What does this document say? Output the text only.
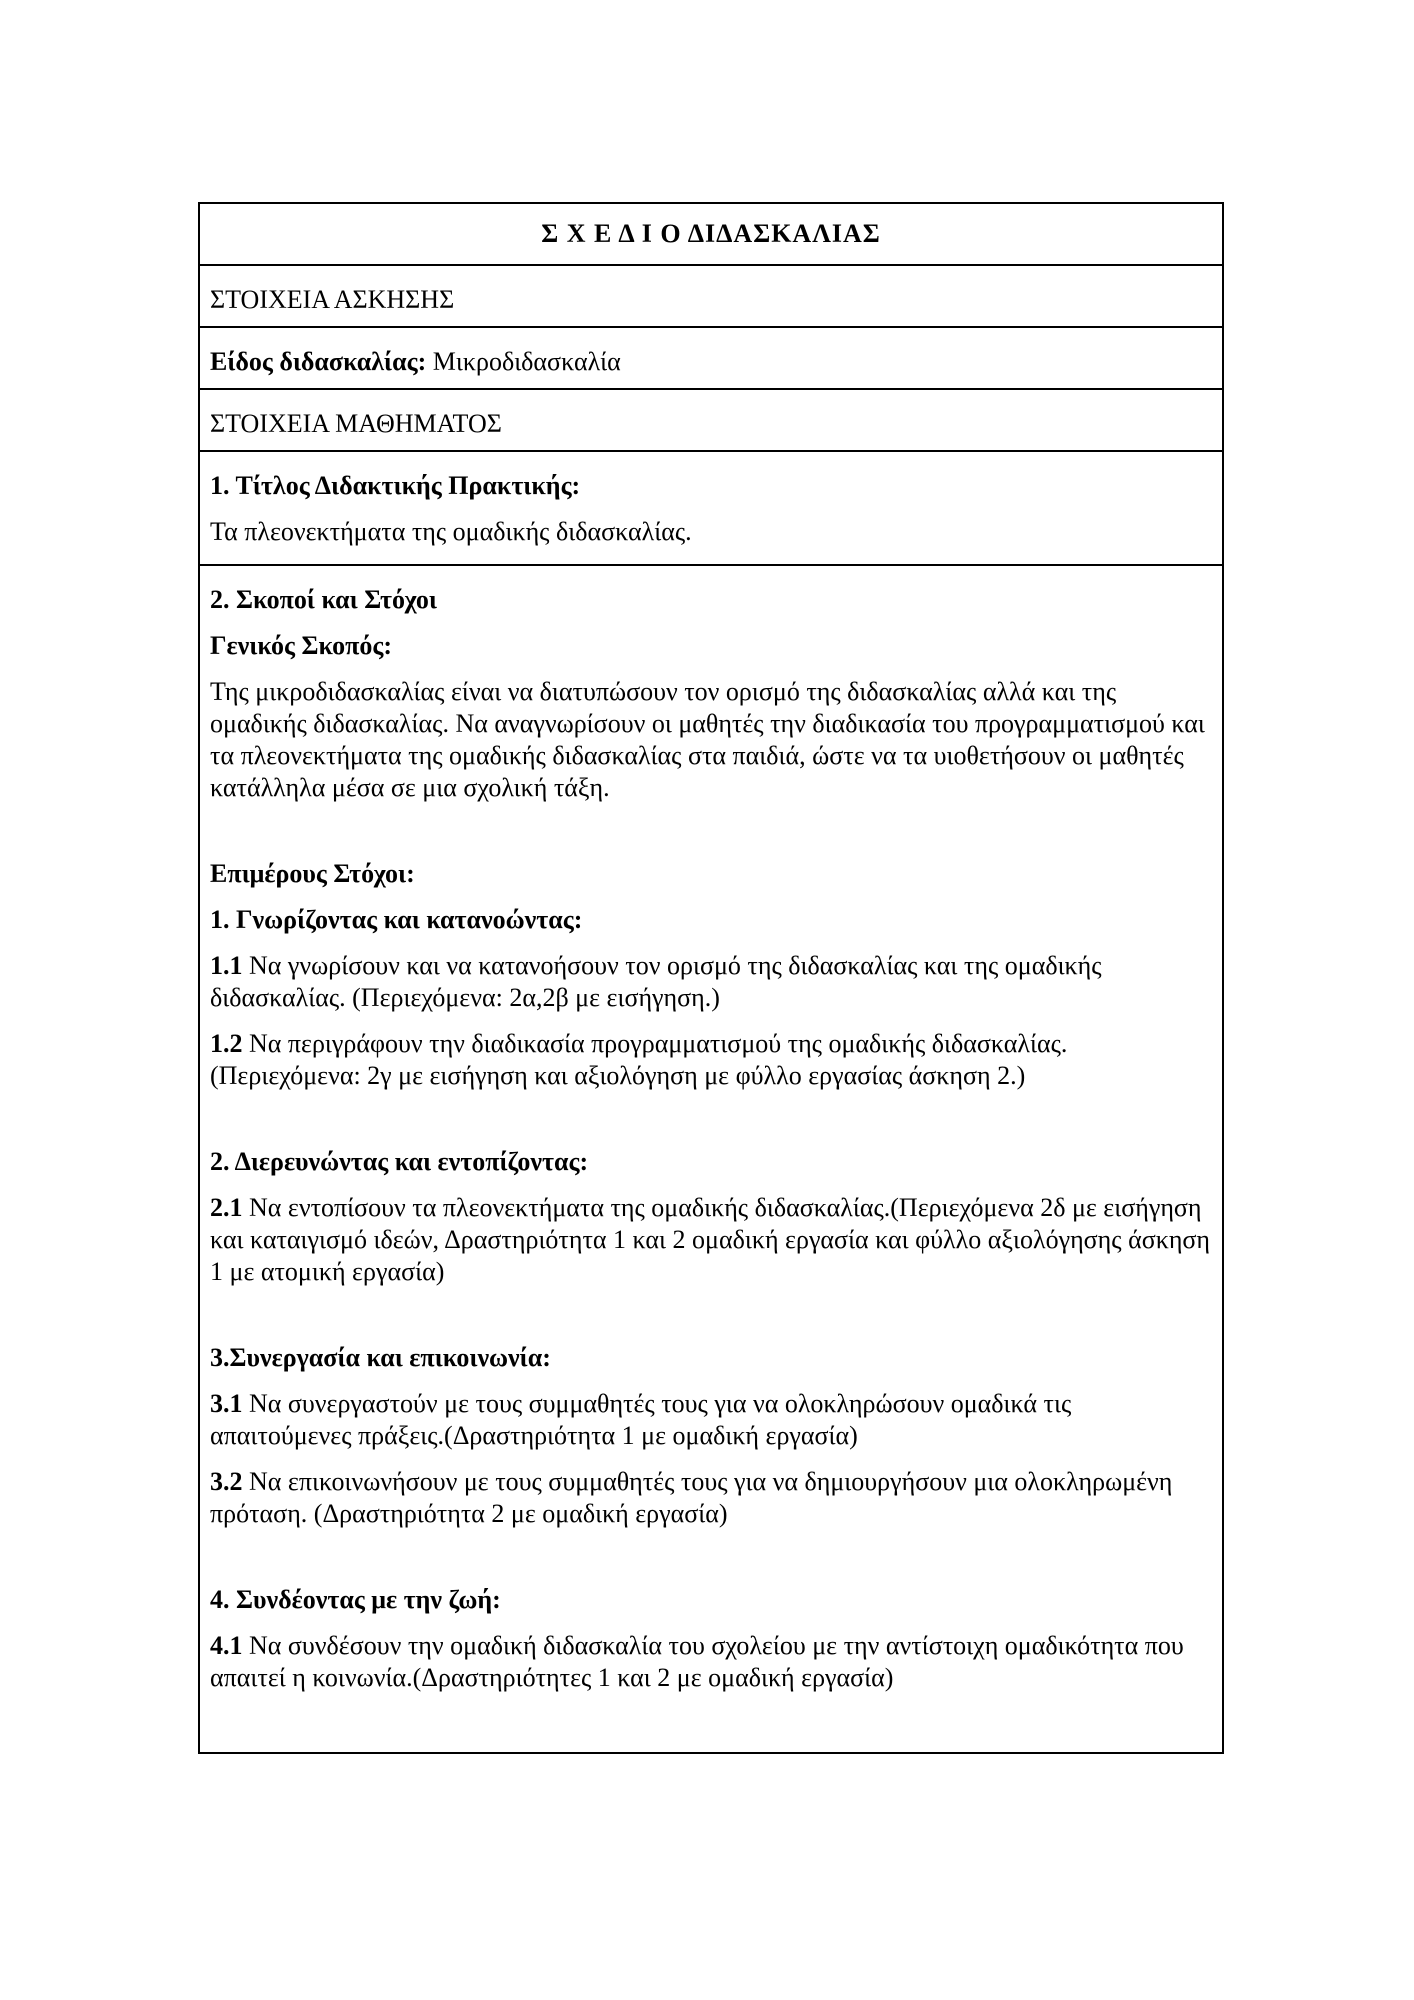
Σ Χ Ε Δ Ι Ο ΔΙΔΑΣΚΑΛΙΑΣ
ΣΤΟΙΧΕΙΑ ΑΣΚΗΣΗΣ
Είδος διδασκαλίας: Μικροδιδασκαλία
ΣΤΟΙΧΕΙΑ ΜΑΘΗΜΑΤΟΣ

1. Τίτλος Διδακτικής Πρακτικής:

Τα πλεονεκτήματα της ομαδικής διδασκαλίας.

2. Σκοποί και Στόχοι

Γενικός Σκοπός:

Της μικροδιδασκαλίας είναι να διατυπώσουν τον ορισμό της διδασκαλίας αλλά και της ομαδικής διδασκαλίας. Να αναγνωρίσουν οι μαθητές την διαδικασία του προγραμματισμού και τα πλεονεκτήματα της ομαδικής διδασκαλίας στα παιδιά, ώστε να τα υιοθετήσουν οι μαθητές κατάλληλα μέσα σε μια σχολική τάξη.

Επιμέρους Στόχοι:

1. Γνωρίζοντας και κατανοώντας:

1.1 Να γνωρίσουν και να κατανοήσουν τον ορισμό της διδασκαλίας και της ομαδικής διδασκαλίας. (Περιεχόμενα: 2α,2β με εισήγηση.)

1.2 Να περιγράφουν την διαδικασία προγραμματισμού της ομαδικής διδασκαλίας. (Περιεχόμενα: 2γ με εισήγηση και αξιολόγηση με φύλλο εργασίας άσκηση 2.)

2. Διερευνώντας και εντοπίζοντας:

2.1 Να εντοπίσουν τα πλεονεκτήματα της ομαδικής διδασκαλίας.(Περιεχόμενα 2δ με εισήγηση και καταιγισμό ιδεών, Δραστηριότητα 1 και 2 ομαδική εργασία και φύλλο αξιολόγησης άσκηση 1 με ατομική εργασία)

3.Συνεργασία και επικοινωνία:

3.1 Να συνεργαστούν με τους συμμαθητές τους για να ολοκληρώσουν ομαδικά τις απαιτούμενες πράξεις.(Δραστηριότητα 1 με ομαδική εργασία)

3.2 Να επικοινωνήσουν με τους συμμαθητές τους για να δημιουργήσουν μια ολοκληρωμένη πρόταση. (Δραστηριότητα 2 με ομαδική εργασία)

4. Συνδέοντας με την ζωή:

4.1 Να συνδέσουν την ομαδική διδασκαλία του σχολείου με την αντίστοιχη ομαδικότητα που απαιτεί η κοινωνία.(Δραστηριότητες 1 και 2 με ομαδική εργασία)
